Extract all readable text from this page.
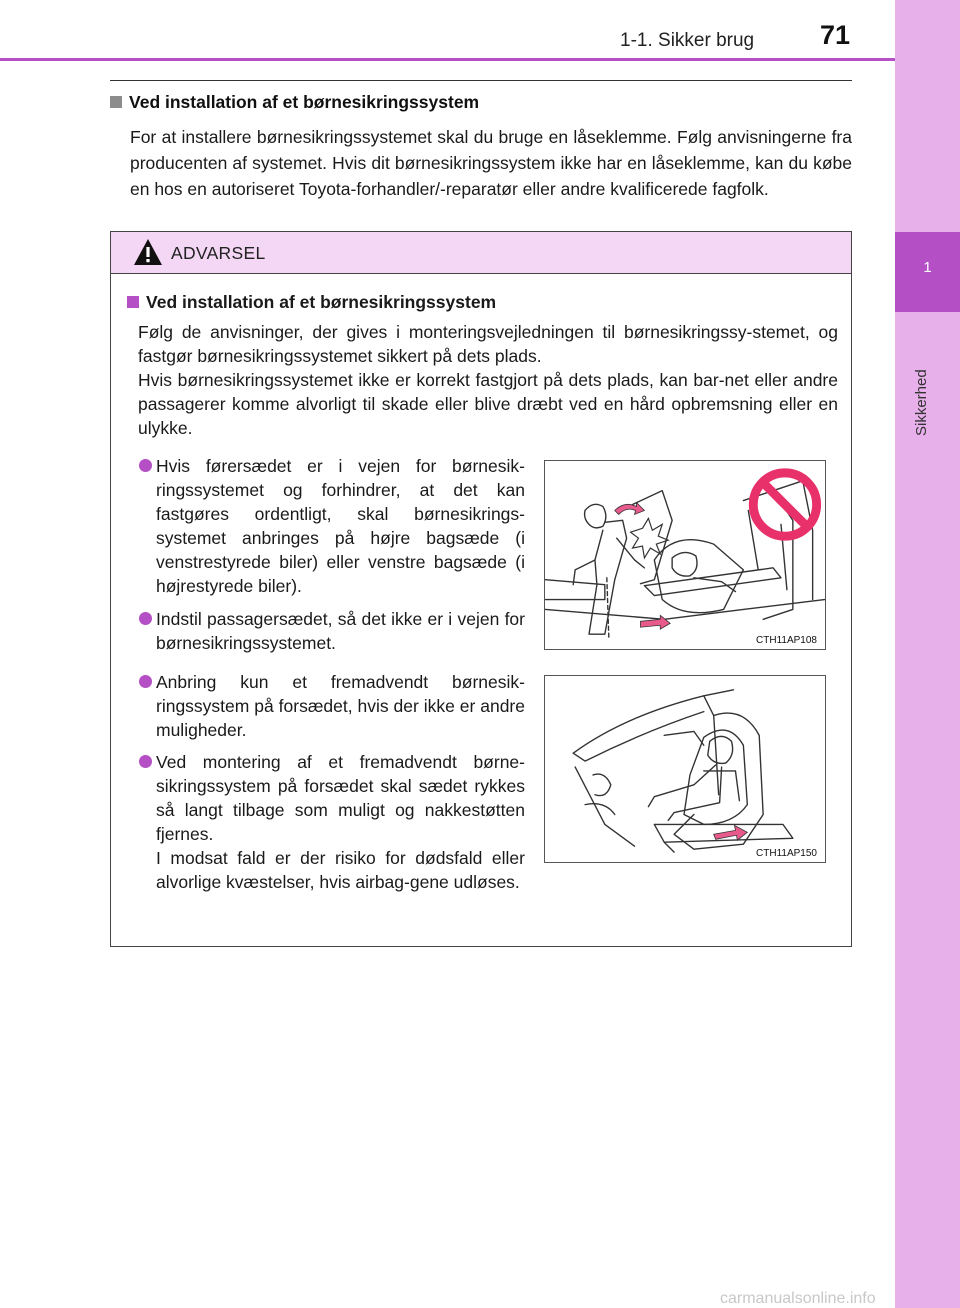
1
Sikkerhed
1-1. Sikker brug 71
Ved installation af et børnesikringssystem
For at installere børnesikringssystemet skal du bruge en låseklemme. Følg anvisningerne fra producenten af systemet. Hvis dit børnesikringssystem ikke har en låseklemme, kan du købe en hos en autoriseret Toyota-forhandler/-reparatør eller andre kvalificerede fagfolk.
ADVARSEL
Ved installation af et børnesikringssystem
Følg de anvisninger, der gives i monteringsvejledningen til børnesikringssy-stemet, og fastgør børnesikringssystemet sikkert på dets plads.
Hvis børnesikringssystemet ikke er korrekt fastgjort på dets plads, kan bar-net eller andre passagerer komme alvorligt til skade eller blive dræbt ved en hård opbremsning eller en ulykke.
Hvis førersædet er i vejen for børnesik-ringssystemet og forhindrer, at det kan fastgøres ordentligt, skal børnesikrings-systemet anbringes på højre bagsæde (i venstrestyrede biler) eller venstre bagsæde (i højrestyrede biler).
Indstil passagersædet, så det ikke er i vejen for børnesikringssystemet.
Anbring kun et fremadvendt børnesik-ringssystem på forsædet, hvis der ikke er andre muligheder.
Ved montering af et fremadvendt børne-sikringssystem på forsædet skal sædet rykkes så langt tilbage som muligt og nakkestøtten fjernes.
I modsat fald er der risiko for dødsfald eller alvorlige kvæstelser, hvis airbag-gene udløses.
CTH11AP108
CTH11AP150
carmanualsonline.info
